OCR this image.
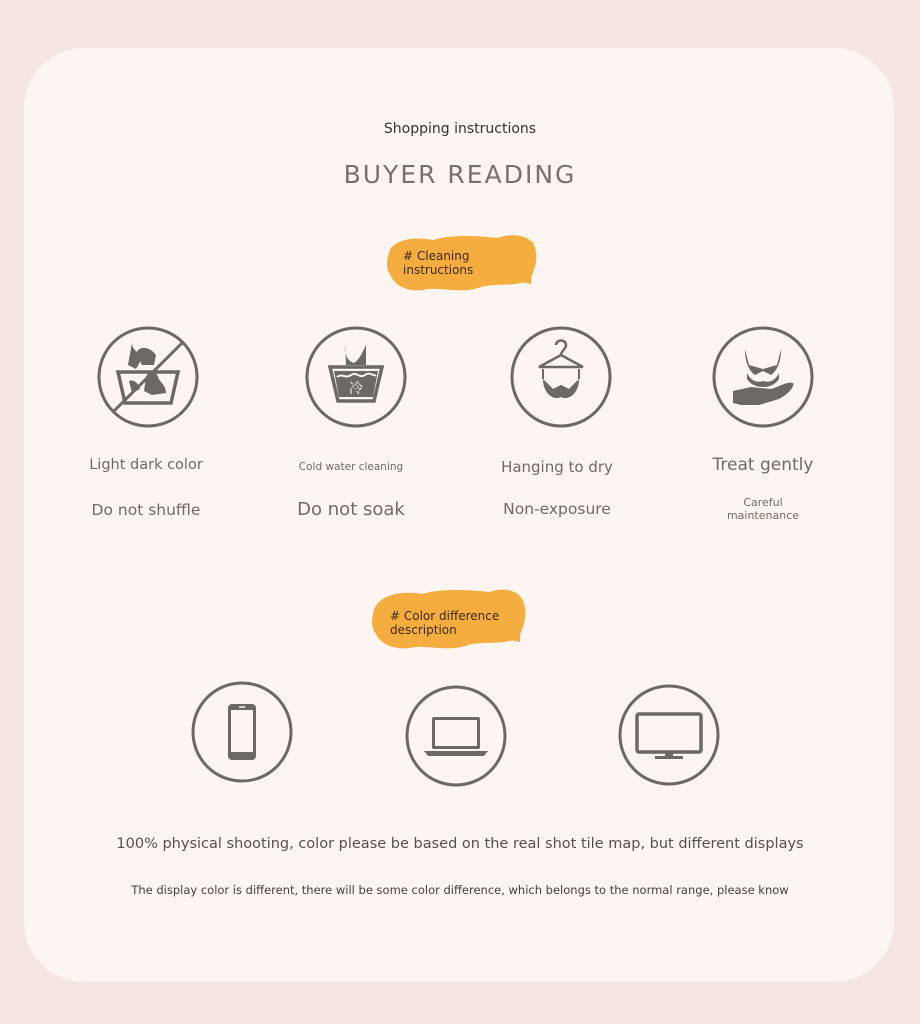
Shopping instructions
BUYER READING
# Cleaning
instructions
冷
Light dark color
Do not shuffle
Cold water cleaning
Do not soak
Hanging to dry
Non-exposure
Treat gently
Careful
maintenance
# Color difference
description
100% physical shooting, color please be based on the real shot tile map, but different displays
The display color is different, there will be some color difference, which belongs to the normal range, please know
